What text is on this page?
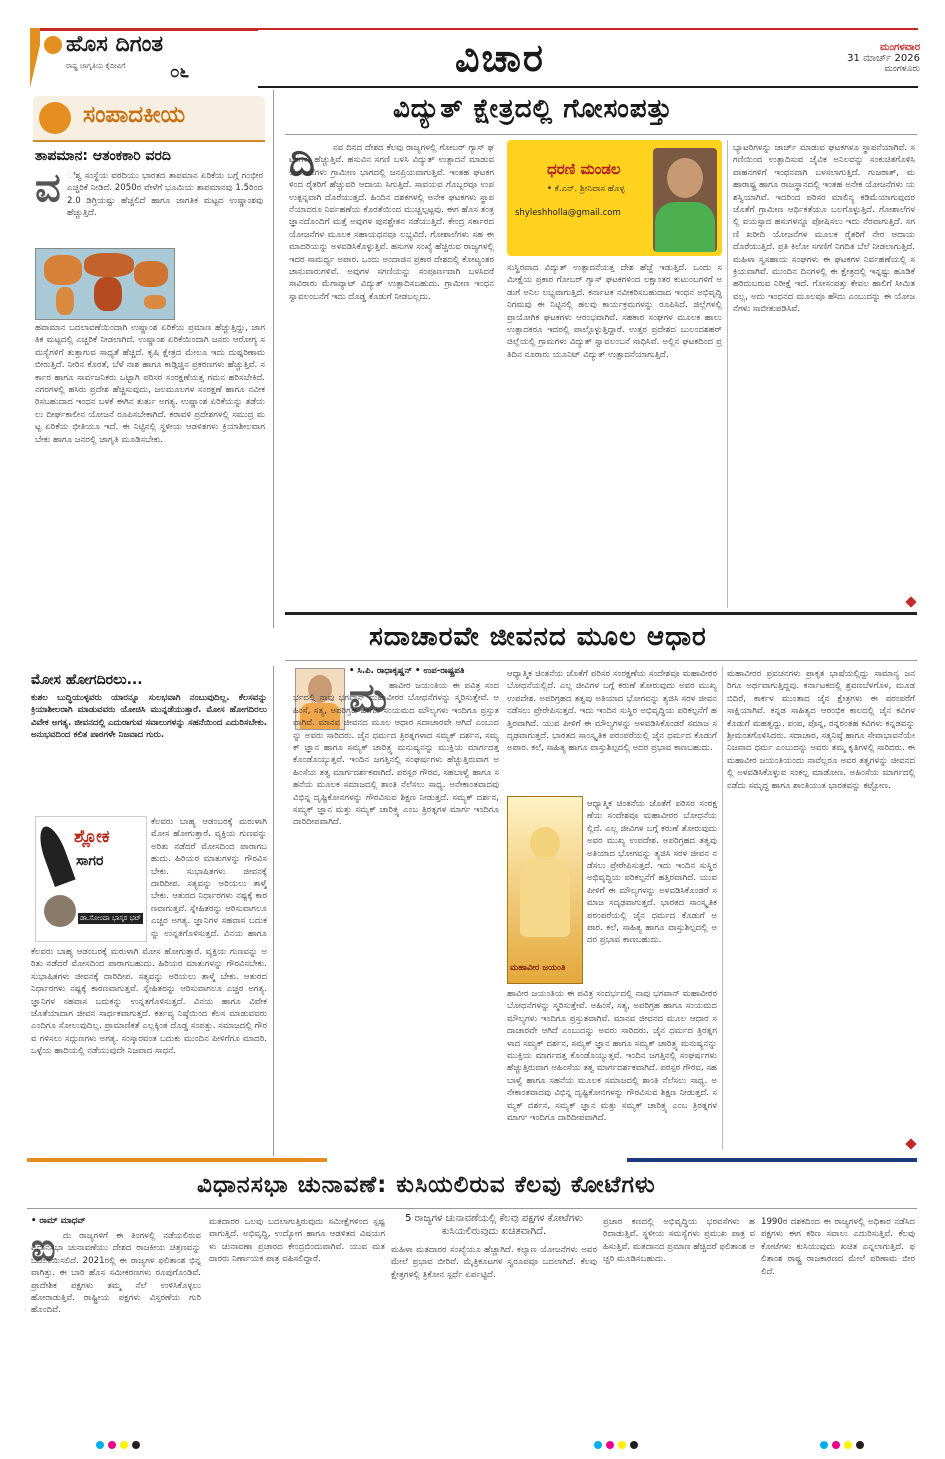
ಹೊಸ ದಿಗಂತ
ರಾಷ್ಟ್ರ ಜಾಗೃತಿಯ ಕೈದೀವಿಗೆ	೦೬	ವಿಚಾರ	ಮಂಗಳವಾರ
31 ಮಾರ್ಚ್ 2026
ಮಂಗಳೂರು
ಸಂಪಾದಕೀಯ
ತಾಪಮಾನ: ಆತಂಕಕಾರಿ ವರದಿ
ವ ಿಶ್ವ ಸಂಸ್ಥೆಯ ವರದಿಯು ಭಾರತದ ತಾಪಮಾನ ಏರಿಕೆಯ ಬಗ್ಗೆ ಗಂಭೀರ ಎಚ್ಚರಿಕೆ ನೀಡಿದೆ. 2050ರ ವೇಳೆಗೆ ಭೂಮಿಯ ತಾಪಮಾನವು 1.5ರಿಂದ 2.0 ಡಿಗ್ರಿಯಷ್ಟು ಹೆಚ್ಚಲಿದೆ ಹಾಗೂ ಜಾಗತಿಕ ಮಟ್ಟದ ಉಷ್ಣಾಂಶವು ಹೆಚ್ಚುತ್ತಿದೆ.
ಹವಾಮಾನ ಬದಲಾವಣೆಯಿಂದಾಗಿ ಉಷ್ಣಾಂಶ ಏರಿಕೆಯ ಪ್ರಮಾಣ ಹೆಚ್ಚುತ್ತಿದ್ದು, ಜಾಗತಿಕ ಮಟ್ಟದಲ್ಲಿ ಎಚ್ಚರಿಕೆ ನೀಡಲಾಗಿದೆ. ಉಷ್ಣಾಂಶ ಏರಿಕೆಯಿಂದಾಗಿ ಜನರು ಆರೋಗ್ಯ ಸಮಸ್ಯೆಗಳಿಗೆ ತುತ್ತಾಗುವ ಸಾಧ್ಯತೆ ಹೆಚ್ಚಿದೆ. ಕೃಷಿ ಕ್ಷೇತ್ರದ ಮೇಲೂ ಇದು ದುಷ್ಪರಿಣಾಮ ಬೀರುತ್ತಿದೆ. ನೀರಿನ ಕೊರತೆ, ಬೆಳೆ ನಾಶ ಹಾಗೂ ಕಾಡ್ಗಿಚ್ಚಿನ ಪ್ರಕರಣಗಳು ಹೆಚ್ಚುತ್ತಿವೆ. ಸರ್ಕಾರ ಹಾಗೂ ಸಾರ್ವಜನಿಕರು ಒಟ್ಟಾಗಿ ಪರಿಸರ ಸಂರಕ್ಷಣೆಯತ್ತ ಗಮನ ಹರಿಸಬೇಕಿದೆ. ನಗರಗಳಲ್ಲಿ ಹಸಿರು ಪ್ರದೇಶ ಹೆಚ್ಚಿಸುವುದು, ಜಲಮೂಲಗಳ ಸಂರಕ್ಷಣೆ ಹಾಗೂ ನವೀಕರಿಸಬಹುದಾದ ಇಂಧನ ಬಳಕೆ ಈಗಿನ ತುರ್ತು ಅಗತ್ಯ. ಉಷ್ಣಾಂಶ ಏರಿಕೆಯನ್ನು ತಡೆಯಲು ದೀರ್ಘಕಾಲೀನ ಯೋಜನೆ ರೂಪಿಸಬೇಕಾಗಿದೆ. ಕರಾವಳಿ ಪ್ರದೇಶಗಳಲ್ಲಿ ಸಮುದ್ರ ಮಟ್ಟ ಏರಿಕೆಯ ಭೀತಿಯೂ ಇದೆ. ಈ ನಿಟ್ಟಿನಲ್ಲಿ ಸ್ಥಳೀಯ ಆಡಳಿತಗಳು ಕ್ರಿಯಾಶೀಲವಾಗಬೇಕು ಹಾಗೂ ಜನರಲ್ಲಿ ಜಾಗೃತಿ ಮೂಡಿಸಬೇಕು.
ವಿದ್ಯುತ್ ಕ್ಷೇತ್ರದಲ್ಲಿ ಗೋಸಂಪತ್ತು
ದಿ	ನವ ದಿನದ ದೇಶದ ಕೆಲವು ರಾಜ್ಯಗಳಲ್ಲಿ ಗೋಬರ್ ಗ್ಯಾಸ್ ಘಟಕಗಳು ಹೆಚ್ಚುತ್ತಿವೆ. ಹಸುವಿನ ಸಗಣಿ ಬಳಸಿ ವಿದ್ಯುತ್ ಉತ್ಪಾದನೆ ಮಾಡುವ ಯೋಜನೆಗಳು ಗ್ರಾಮೀಣ ಭಾಗದಲ್ಲಿ ಜನಪ್ರಿಯವಾಗುತ್ತಿವೆ. ಇಂತಹ ಘಟಕಗಳಿಂದ ರೈತರಿಗೆ ಹೆಚ್ಚುವರಿ ಆದಾಯ ಸಿಗುತ್ತಿದೆ. ಸಾವಯವ ಗೊಬ್ಬರವೂ ಉಪ ಉತ್ಪನ್ನವಾಗಿ ದೊರೆಯುತ್ತದೆ. ಹಿಂದಿನ ದಶಕಗಳಲ್ಲಿ ಅನೇಕ ಘಟಕಗಳು ಸ್ಥಾಪನೆಯಾದರೂ ನಿರ್ವಹಣೆಯ ಕೊರತೆಯಿಂದ ಮುಚ್ಚಲ್ಪಟ್ಟವು. ಈಗ ಹೊಸ ತಂತ್ರಜ್ಞಾನದೊಂದಿಗೆ ಮತ್ತೆ ಅವುಗಳ ಪುನಶ್ಚೇತನ ನಡೆಯುತ್ತಿದೆ. ಕೇಂದ್ರ ಸರ್ಕಾರದ ಯೋಜನೆಗಳ ಮೂಲಕ ಸಹಾಯಧನವೂ ಲಭ್ಯವಿದೆ. ಗೋಶಾಲೆಗಳು ಸಹ ಈ ಮಾದರಿಯನ್ನು ಅಳವಡಿಸಿಕೊಳ್ಳುತ್ತಿವೆ. ಹಸುಗಳ ಸಂಖ್ಯೆ ಹೆಚ್ಚಿರುವ ರಾಜ್ಯಗಳಲ್ಲಿ ಇದರ ಸಾಮರ್ಥ್ಯ ಅಪಾರ. ಒಂದು ಅಂದಾಜಿನ ಪ್ರಕಾರ ದೇಶದಲ್ಲಿ ಕೋಟ್ಯಂತರ ಜಾನುವಾರುಗಳಿವೆ. ಅವುಗಳ ಸಗಣಿಯನ್ನು ಸಂಪೂರ್ಣವಾಗಿ ಬಳಸಿದರೆ ಸಾವಿರಾರು ಮೆಗಾವ್ಯಾಟ್ ವಿದ್ಯುತ್ ಉತ್ಪಾದಿಸಬಹುದು. ಗ್ರಾಮೀಣ ಇಂಧನ ಸ್ವಾವಲಂಬನೆಗೆ ಇದು ದೊಡ್ಡ ಕೊಡುಗೆ ನೀಡಬಲ್ಲದು.
ಧರಣಿ ಮಂಡಲ
• ಕೆ.ಎನ್. ಶ್ರೀನಿವಾಸ ಹೊಳ್ಳ
shyleshholla@gmail.com
ಸುಸ್ಥಿರವಾದ ವಿದ್ಯುತ್ ಉತ್ಪಾದನೆಯತ್ತ ದೇಶ ಹೆಜ್ಜೆ ಇಡುತ್ತಿದೆ. ಒಂದು ಸಮೀಕ್ಷೆಯ ಪ್ರಕಾರ ಗೋಬರ್ ಗ್ಯಾಸ್ ಘಟಕಗಳಿಂದ ಲಕ್ಷಾಂತರ ಕುಟುಂಬಗಳಿಗೆ ಅಡುಗೆ ಅನಿಲ ಲಭ್ಯವಾಗುತ್ತಿದೆ. ಕರ್ನಾಟಕ ನವೀಕರಿಸಬಹುದಾದ ಇಂಧನ ಅಭಿವೃದ್ಧಿ ನಿಗಮವು ಈ ನಿಟ್ಟಿನಲ್ಲಿ ಹಲವು ಕಾರ್ಯಕ್ರಮಗಳನ್ನು ರೂಪಿಸಿದೆ. ಜಿಲ್ಲೆಗಳಲ್ಲಿ ಪ್ರಾಯೋಗಿಕ ಘಟಕಗಳು ಆರಂಭವಾಗಿವೆ. ಸಹಕಾರ ಸಂಘಗಳ ಮೂಲಕ ಹಾಲು ಉತ್ಪಾದಕರೂ ಇದರಲ್ಲಿ ಪಾಲ್ಗೊಳ್ಳುತ್ತಿದ್ದಾರೆ. ಉತ್ತರ ಪ್ರದೇಶದ ಬುಲಂದಶಹರ್ ಜಿಲ್ಲೆಯಲ್ಲಿ ಗ್ರಾಮಗಳು ವಿದ್ಯುತ್ ಸ್ವಾವಲಂಬನೆ ಸಾಧಿಸಿವೆ. ಅಲ್ಲಿನ ಘಟಕದಿಂದ ಪ್ರತಿದಿನ ನೂರಾರು ಯೂನಿಟ್ ವಿದ್ಯುತ್ ಉತ್ಪಾದನೆಯಾಗುತ್ತಿದೆ.
ಬ್ಯಾಟರಿಗಳನ್ನು ಚಾರ್ಜ್ ಮಾಡುವ ಘಟಕಗಳೂ ಸ್ಥಾಪನೆಯಾಗಿವೆ. ಸಗಣಿಯಿಂದ ಉತ್ಪಾದಿಸುವ ಜೈವಿಕ ಅನಿಲವನ್ನು ಸಂಕುಚಿತಗೊಳಿಸಿ ವಾಹನಗಳಿಗೆ ಇಂಧನವಾಗಿ ಬಳಸಲಾಗುತ್ತಿದೆ. ಗುಜರಾತ್, ಮಹಾರಾಷ್ಟ್ರ ಹಾಗೂ ರಾಜಸ್ಥಾನದಲ್ಲಿ ಇಂತಹ ಅನೇಕ ಯೋಜನೆಗಳು ಯಶಸ್ವಿಯಾಗಿವೆ. ಇದರಿಂದ ಪರಿಸರ ಮಾಲಿನ್ಯ ಕಡಿಮೆಯಾಗುವುದರ ಜೊತೆಗೆ ಗ್ರಾಮೀಣ ಆರ್ಥಿಕತೆಯೂ ಬಲಗೊಳ್ಳುತ್ತಿದೆ. ಗೋಶಾಲೆಗಳಲ್ಲಿ ವಯಸ್ಸಾದ ಹಸುಗಳನ್ನೂ ಪೋಷಿಸಲು ಇದು ನೆರವಾಗುತ್ತಿದೆ. ಸಗಣಿ ಖರೀದಿ ಯೋಜನೆಗಳ ಮೂಲಕ ರೈತರಿಗೆ ನೇರ ಆದಾಯ ದೊರೆಯುತ್ತಿದೆ. ಪ್ರತಿ ಕಿಲೋ ಸಗಣಿಗೆ ನಿಗದಿತ ಬೆಲೆ ನೀಡಲಾಗುತ್ತಿದೆ. ಮಹಿಳಾ ಸ್ವಸಹಾಯ ಸಂಘಗಳು ಈ ಘಟಕಗಳ ನಿರ್ವಹಣೆಯಲ್ಲಿ ಸಕ್ರಿಯವಾಗಿವೆ. ಮುಂದಿನ ದಿನಗಳಲ್ಲಿ ಈ ಕ್ಷೇತ್ರದಲ್ಲಿ ಇನ್ನಷ್ಟು ಹೂಡಿಕೆ ಹರಿದುಬರುವ ನಿರೀಕ್ಷೆ ಇದೆ. ಗೋಸಂಪತ್ತು ಕೇವಲ ಹಾಲಿಗೆ ಸೀಮಿತವಲ್ಲ, ಅದು ಇಂಧನದ ಮೂಲವೂ ಹೌದು ಎಂಬುದನ್ನು ಈ ಯೋಜನೆಗಳು ಸಾಬೀತುಪಡಿಸಿವೆ.
ಸದಾಚಾರವೇ ಜೀವನದ ಮೂಲ ಆಧಾರ
• ಸಿ.ಪಿ. ರಾಧಾಕೃಷ್ಣನ್ • ಉಪ-ರಾಷ್ಟ್ರಪತಿ
ಮ ಹಾವೀರ ಜಯಂತಿಯ ಈ ಪವಿತ್ರ ಸಂದರ್ಭದಲ್ಲಿ ನಾವು ಭಗವಾನ್ ಮಹಾವೀರರ ಬೋಧನೆಗಳನ್ನು ಸ್ಮರಿಸುತ್ತೇವೆ. ಅಹಿಂಸೆ, ಸತ್ಯ, ಅಪರಿಗ್ರಹ ಹಾಗೂ ಸಂಯಮದ ಮೌಲ್ಯಗಳು ಇಂದಿಗೂ ಪ್ರಸ್ತುತವಾಗಿವೆ. ಮಾನವ ಜೀವನದ ಮೂಲ ಆಧಾರ ಸದಾಚಾರವೇ ಆಗಿದೆ ಎಂಬುದನ್ನು ಅವರು ಸಾರಿದರು. ಜೈನ ಧರ್ಮದ ತ್ರಿರತ್ನಗಳಾದ ಸಮ್ಯಕ್ ದರ್ಶನ, ಸಮ್ಯಕ್ ಜ್ಞಾನ ಹಾಗೂ ಸಮ್ಯಕ್ ಚಾರಿತ್ರ್ಯ ಮನುಷ್ಯನನ್ನು ಮುಕ್ತಿಯ ಮಾರ್ಗದತ್ತ ಕೊಂಡೊಯ್ಯುತ್ತವೆ. ಇಂದಿನ ಜಗತ್ತಿನಲ್ಲಿ ಸಂಘರ್ಷಗಳು ಹೆಚ್ಚುತ್ತಿರುವಾಗ ಅಹಿಂಸೆಯ ತತ್ವ ಮಾರ್ಗದರ್ಶಕವಾಗಿದೆ. ಪರಸ್ಪರ ಗೌರವ, ಸಹಬಾಳ್ವೆ ಹಾಗೂ ಸಹನೆಯ ಮೂಲಕ ಸಮಾಜದಲ್ಲಿ ಶಾಂತಿ ನೆಲೆಸಲು ಸಾಧ್ಯ. ಅನೇಕಾಂತವಾದವು ವಿಭಿನ್ನ ದೃಷ್ಟಿಕೋನಗಳನ್ನು ಗೌರವಿಸುವ ಶಿಕ್ಷಣ ನೀಡುತ್ತದೆ. ಸಮ್ಯಕ್ ದರ್ಶನ, ಸಮ್ಯಕ್ ಜ್ಞಾನ ಮತ್ತು ಸಮ್ಯಕ್ ಚಾರಿತ್ರ್ಯ ಎಂಬ ತ್ರಿರತ್ನಗಳ ಮಾರ್ಗ ಇಂದಿಗೂ ದಾರಿದೀಪವಾಗಿದೆ.
ಮಹಾವೀರ ಜಯಂತಿ
ಆಧ್ಯಾತ್ಮಿಕ ಚಿಂತನೆಯ ಜೊತೆಗೆ ಪರಿಸರ ಸಂರಕ್ಷಣೆಯ ಸಂದೇಶವೂ ಮಹಾವೀರರ ಬೋಧನೆಯಲ್ಲಿದೆ. ಎಲ್ಲ ಜೀವಿಗಳ ಬಗ್ಗೆ ಕರುಣೆ ತೋರುವುದು ಅವರ ಮುಖ್ಯ ಉಪದೇಶ. ಅಪರಿಗ್ರಹದ ತತ್ವವು ಅತಿಯಾದ ಭೋಗವನ್ನು ತ್ಯಜಿಸಿ ಸರಳ ಜೀವನ ನಡೆಸಲು ಪ್ರೇರೇಪಿಸುತ್ತದೆ. ಇದು ಇಂದಿನ ಸುಸ್ಥಿರ ಅಭಿವೃದ್ಧಿಯ ಪರಿಕಲ್ಪನೆಗೆ ಹತ್ತಿರವಾಗಿದೆ. ಯುವ ಪೀಳಿಗೆ ಈ ಮೌಲ್ಯಗಳನ್ನು ಅಳವಡಿಸಿಕೊಂಡರೆ ಸಮಾಜ ಸದೃಢವಾಗುತ್ತದೆ. ಭಾರತದ ಸಾಂಸ್ಕೃತಿಕ ಪರಂಪರೆಯಲ್ಲಿ ಜೈನ ಧರ್ಮದ ಕೊಡುಗೆ ಅಪಾರ. ಕಲೆ, ಸಾಹಿತ್ಯ ಹಾಗೂ ವಾಸ್ತುಶಿಲ್ಪದಲ್ಲಿ ಅದರ ಪ್ರಭಾವ ಕಾಣಬಹುದು.
ಆಧ್ಯಾತ್ಮಿಕ ಚಿಂತನೆಯ ಜೊತೆಗೆ ಪರಿಸರ ಸಂರಕ್ಷಣೆಯ ಸಂದೇಶವೂ ಮಹಾವೀರರ ಬೋಧನೆಯಲ್ಲಿದೆ. ಎಲ್ಲ ಜೀವಿಗಳ ಬಗ್ಗೆ ಕರುಣೆ ತೋರುವುದು ಅವರ ಮುಖ್ಯ ಉಪದೇಶ. ಅಪರಿಗ್ರಹದ ತತ್ವವು ಅತಿಯಾದ ಭೋಗವನ್ನು ತ್ಯಜಿಸಿ ಸರಳ ಜೀವನ ನಡೆಸಲು ಪ್ರೇರೇಪಿಸುತ್ತದೆ. ಇದು ಇಂದಿನ ಸುಸ್ಥಿರ ಅಭಿವೃದ್ಧಿಯ ಪರಿಕಲ್ಪನೆಗೆ ಹತ್ತಿರವಾಗಿದೆ. ಯುವ ಪೀಳಿಗೆ ಈ ಮೌಲ್ಯಗಳನ್ನು ಅಳವಡಿಸಿಕೊಂಡರೆ ಸಮಾಜ ಸದೃಢವಾಗುತ್ತದೆ. ಭಾರತದ ಸಾಂಸ್ಕೃತಿಕ ಪರಂಪರೆಯಲ್ಲಿ ಜೈನ ಧರ್ಮದ ಕೊಡುಗೆ ಅಪಾರ. ಕಲೆ, ಸಾಹಿತ್ಯ ಹಾಗೂ ವಾಸ್ತುಶಿಲ್ಪದಲ್ಲಿ ಅದರ ಪ್ರಭಾವ ಕಾಣಬಹುದು.
ಹಾವೀರ ಜಯಂತಿಯ ಈ ಪವಿತ್ರ ಸಂದರ್ಭದಲ್ಲಿ ನಾವು ಭಗವಾನ್ ಮಹಾವೀರರ ಬೋಧನೆಗಳನ್ನು ಸ್ಮರಿಸುತ್ತೇವೆ. ಅಹಿಂಸೆ, ಸತ್ಯ, ಅಪರಿಗ್ರಹ ಹಾಗೂ ಸಂಯಮದ ಮೌಲ್ಯಗಳು ಇಂದಿಗೂ ಪ್ರಸ್ತುತವಾಗಿವೆ. ಮಾನವ ಜೀವನದ ಮೂಲ ಆಧಾರ ಸದಾಚಾರವೇ ಆಗಿದೆ ಎಂಬುದನ್ನು ಅವರು ಸಾರಿದರು. ಜೈನ ಧರ್ಮದ ತ್ರಿರತ್ನಗಳಾದ ಸಮ್ಯಕ್ ದರ್ಶನ, ಸಮ್ಯಕ್ ಜ್ಞಾನ ಹಾಗೂ ಸಮ್ಯಕ್ ಚಾರಿತ್ರ್ಯ ಮನುಷ್ಯನನ್ನು ಮುಕ್ತಿಯ ಮಾರ್ಗದತ್ತ ಕೊಂಡೊಯ್ಯುತ್ತವೆ. ಇಂದಿನ ಜಗತ್ತಿನಲ್ಲಿ ಸಂಘರ್ಷಗಳು ಹೆಚ್ಚುತ್ತಿರುವಾಗ ಅಹಿಂಸೆಯ ತತ್ವ ಮಾರ್ಗದರ್ಶಕವಾಗಿದೆ. ಪರಸ್ಪರ ಗೌರವ, ಸಹಬಾಳ್ವೆ ಹಾಗೂ ಸಹನೆಯ ಮೂಲಕ ಸಮಾಜದಲ್ಲಿ ಶಾಂತಿ ನೆಲೆಸಲು ಸಾಧ್ಯ. ಅನೇಕಾಂತವಾದವು ವಿಭಿನ್ನ ದೃಷ್ಟಿಕೋನಗಳನ್ನು ಗೌರವಿಸುವ ಶಿಕ್ಷಣ ನೀಡುತ್ತದೆ. ಸಮ್ಯಕ್ ದರ್ಶನ, ಸಮ್ಯಕ್ ಜ್ಞಾನ ಮತ್ತು ಸಮ್ಯಕ್ ಚಾರಿತ್ರ್ಯ ಎಂಬ ತ್ರಿರತ್ನಗಳ ಮಾರ್ಗ ಇಂದಿಗೂ ದಾರಿದೀಪವಾಗಿದೆ.
ಮಹಾವೀರರ ಪ್ರವಚನಗಳು ಪ್ರಾಕೃತ ಭಾಷೆಯಲ್ಲಿದ್ದು ಸಾಮಾನ್ಯ ಜನರಿಗೂ ಅರ್ಥವಾಗುತ್ತಿದ್ದವು. ಕರ್ನಾಟಕದಲ್ಲಿ ಶ್ರವಣಬೆಳಗೊಳ, ಮೂಡಬಿದಿರೆ, ಕಾರ್ಕಳ ಮುಂತಾದ ಜೈನ ಕ್ಷೇತ್ರಗಳು ಈ ಪರಂಪರೆಗೆ ಸಾಕ್ಷಿಯಾಗಿವೆ. ಕನ್ನಡ ಸಾಹಿತ್ಯದ ಆರಂಭಿಕ ಕಾಲದಲ್ಲಿ ಜೈನ ಕವಿಗಳ ಕೊಡುಗೆ ಮಹತ್ವದ್ದು. ಪಂಪ, ಪೊನ್ನ, ರನ್ನರಂತಹ ಕವಿಗಳು ಕನ್ನಡವನ್ನು ಶ್ರೀಮಂತಗೊಳಿಸಿದರು. ಸದಾಚಾರ, ಸತ್ಯನಿಷ್ಠೆ ಹಾಗೂ ಸೇವಾಭಾವನೆಯೇ ನಿಜವಾದ ಧರ್ಮ ಎಂಬುದನ್ನು ಅವರು ತಮ್ಮ ಕೃತಿಗಳಲ್ಲಿ ಸಾರಿದರು. ಈ ಮಹಾವೀರ ಜಯಂತಿಯಂದು ನಾವೆಲ್ಲರೂ ಅವರ ತತ್ವಗಳನ್ನು ಜೀವನದಲ್ಲಿ ಅಳವಡಿಸಿಕೊಳ್ಳುವ ಸಂಕಲ್ಪ ಮಾಡೋಣ. ಅಹಿಂಸೆಯ ಮಾರ್ಗದಲ್ಲಿ ನಡೆದು ಸಮೃದ್ಧ ಹಾಗೂ ಶಾಂತಿಯುತ ಭಾರತವನ್ನು ಕಟ್ಟೋಣ.
ಮೋಸ ಹೋಗದಿರಲು...
ಕುಶಲ ಬುದ್ಧಿಯುಳ್ಳವರು ಯಾರನ್ನೂ ಸುಲಭವಾಗಿ ನಂಬುವುದಿಲ್ಲ. ಕೆಲಸವನ್ನು ಕ್ರಿಯಾಶೀಲರಾಗಿ ಮಾಡುವವರು ಯೋಚಿಸಿ ಮುನ್ನಡೆಯುತ್ತಾರೆ. ಮೋಸ ಹೋಗದಿರಲು ವಿವೇಕ ಅಗತ್ಯ. ಜೀವನದಲ್ಲಿ ಎದುರಾಗುವ ಸವಾಲುಗಳನ್ನು ಸಹನೆಯಿಂದ ಎದುರಿಸಬೇಕು. ಅನುಭವದಿಂದ ಕಲಿತ ಪಾಠಗಳೇ ನಿಜವಾದ ಗುರು.
ಶ್ಲೋಕ
ಸಾಗರ
ಡಾ.ಸೋಂದಾ ಭಾಸ್ಕರ ಭಟ್
ಕೆಲವರು ಬಾಹ್ಯ ಆಡಂಬರಕ್ಕೆ ಮರುಳಾಗಿ ಮೋಸ ಹೋಗುತ್ತಾರೆ. ವ್ಯಕ್ತಿಯ ಗುಣವನ್ನು ಅರಿತು ನಡೆದರೆ ಮೋಸದಿಂದ ಪಾರಾಗಬಹುದು. ಹಿರಿಯರ ಮಾತುಗಳನ್ನು ಗೌರವಿಸಬೇಕು. ಸುಭಾಷಿತಗಳು ಜೀವನಕ್ಕೆ ದಾರಿದೀಪ. ಸತ್ಯವನ್ನು ಅರಿಯಲು ತಾಳ್ಮೆ ಬೇಕು. ಆತುರದ ನಿರ್ಧಾರಗಳು ನಷ್ಟಕ್ಕೆ ಕಾರಣವಾಗುತ್ತವೆ. ಸ್ನೇಹಿತರನ್ನು ಆರಿಸುವಾಗಲೂ ಎಚ್ಚರ ಅಗತ್ಯ. ಜ್ಞಾನಿಗಳ ಸಹವಾಸ ಬದುಕನ್ನು ಉನ್ನತಗೊಳಿಸುತ್ತದೆ. ವಿನಯ ಹಾಗೂ
ಕೆಲವರು ಬಾಹ್ಯ ಆಡಂಬರಕ್ಕೆ ಮರುಳಾಗಿ ಮೋಸ ಹೋಗುತ್ತಾರೆ. ವ್ಯಕ್ತಿಯ ಗುಣವನ್ನು ಅರಿತು ನಡೆದರೆ ಮೋಸದಿಂದ ಪಾರಾಗಬಹುದು. ಹಿರಿಯರ ಮಾತುಗಳನ್ನು ಗೌರವಿಸಬೇಕು. ಸುಭಾಷಿತಗಳು ಜೀವನಕ್ಕೆ ದಾರಿದೀಪ. ಸತ್ಯವನ್ನು ಅರಿಯಲು ತಾಳ್ಮೆ ಬೇಕು. ಆತುರದ ನಿರ್ಧಾರಗಳು ನಷ್ಟಕ್ಕೆ ಕಾರಣವಾಗುತ್ತವೆ. ಸ್ನೇಹಿತರನ್ನು ಆರಿಸುವಾಗಲೂ ಎಚ್ಚರ ಅಗತ್ಯ. ಜ್ಞಾನಿಗಳ ಸಹವಾಸ ಬದುಕನ್ನು ಉನ್ನತಗೊಳಿಸುತ್ತದೆ. ವಿನಯ ಹಾಗೂ ವಿವೇಕ ಜೊತೆಯಾದಾಗ ಜೀವನ ಸಾರ್ಥಕವಾಗುತ್ತದೆ. ಕರ್ತವ್ಯ ನಿಷ್ಠೆಯಿಂದ ಕೆಲಸ ಮಾಡುವವರು ಎಂದಿಗೂ ಸೋಲುವುದಿಲ್ಲ. ಪ್ರಾಮಾಣಿಕತೆ ಎಲ್ಲಕ್ಕಿಂತ ದೊಡ್ಡ ಸಂಪತ್ತು. ಸಮಾಜದಲ್ಲಿ ಗೌರವ ಗಳಿಸಲು ಸದ್ಗುಣಗಳು ಅಗತ್ಯ. ಸಂಸ್ಕಾರವಂತ ಬದುಕು ಮುಂದಿನ ಪೀಳಿಗೆಗೂ ಮಾದರಿ. ಒಳ್ಳೆಯ ಹಾದಿಯಲ್ಲಿ ನಡೆಯುವುದೇ ನಿಜವಾದ ಸಾಧನೆ.
ವಿಧಾನಸಭಾ ಚುನಾವಣೆ: ಕುಸಿಯಲಿರುವ ಕೆಲವು ಕೋಟೆಗಳು
• ರಾಮ್ ಮಾಧವ್
ಐ ದು ರಾಜ್ಯಗಳಿಗೆ ಈ ತಿಂಗಳಲ್ಲಿ ನಡೆಯಲಿರುವ ವಿಧಾನಸಭಾ ಚುನಾವಣೆಯು ದೇಶದ ರಾಜಕೀಯ ಚಿತ್ರಣವನ್ನು ಬದಲಾಯಿಸಲಿದೆ. 2021ರಲ್ಲಿ ಈ ರಾಜ್ಯಗಳ ಫಲಿತಾಂಶ ಭಿನ್ನವಾಗಿತ್ತು. ಈ ಬಾರಿ ಹೊಸ ಸಮೀಕರಣಗಳು ರೂಪುಗೊಂಡಿವೆ. ಪ್ರಾದೇಶಿಕ ಪಕ್ಷಗಳು ತಮ್ಮ ನೆಲೆ ಉಳಿಸಿಕೊಳ್ಳಲು ಹೋರಾಡುತ್ತಿವೆ. ರಾಷ್ಟ್ರೀಯ ಪಕ್ಷಗಳು ವಿಸ್ತರಣೆಯ ಗುರಿ ಹೊಂದಿವೆ.
ಮತದಾರರ ಒಲವು ಬದಲಾಗುತ್ತಿರುವುದು ಸಮೀಕ್ಷೆಗಳಿಂದ ಸ್ಪಷ್ಟವಾಗುತ್ತಿದೆ. ಅಭಿವೃದ್ಧಿ, ಉದ್ಯೋಗ ಹಾಗೂ ಆಡಳಿತದ ವಿಷಯಗಳು ಚುನಾವಣಾ ಪ್ರಚಾರದ ಕೇಂದ್ರಬಿಂದುವಾಗಿವೆ. ಯುವ ಮತದಾರರು ನಿರ್ಣಾಯಕ ಪಾತ್ರ ವಹಿಸಲಿದ್ದಾರೆ.
5 ರಾಜ್ಯಗಳ ಚುನಾವಣೆಯಲ್ಲಿ ಕೆಲವು ಪಕ್ಷಗಳ ಕೋಟೆಗಳು ಕುಸಿಯಲಿರುವುದು ಖಚಿತವಾಗಿದೆ.
ಮಹಿಳಾ ಮತದಾರರ ಸಂಖ್ಯೆಯೂ ಹೆಚ್ಚಾಗಿದೆ. ಕಲ್ಯಾಣ ಯೋಜನೆಗಳು ಅವರ ಮೇಲೆ ಪ್ರಭಾವ ಬೀರಿವೆ. ಮೈತ್ರಿಕೂಟಗಳ ಸ್ವರೂಪವೂ ಬದಲಾಗಿದೆ. ಕೆಲವು ಕ್ಷೇತ್ರಗಳಲ್ಲಿ ತ್ರಿಕೋನ ಸ್ಪರ್ಧೆ ಏರ್ಪಟ್ಟಿದೆ.
ಪ್ರಚಾರ ಕಣದಲ್ಲಿ ಅಭಿವೃದ್ಧಿಯ ಭರವಸೆಗಳು ಹರಿದಾಡುತ್ತಿವೆ. ಸ್ಥಳೀಯ ಸಮಸ್ಯೆಗಳು ಪ್ರಮುಖ ಪಾತ್ರ ವಹಿಸುತ್ತಿವೆ. ಮತದಾನದ ಪ್ರಮಾಣ ಹೆಚ್ಚಿದರೆ ಫಲಿತಾಂಶ ಅಚ್ಚರಿ ಮೂಡಿಸಬಹುದು.
1990ರ ದಶಕದಿಂದ ಈ ರಾಜ್ಯಗಳಲ್ಲಿ ಅಧಿಕಾರ ನಡೆಸಿದ ಪಕ್ಷಗಳು ಈಗ ಕಠಿಣ ಸವಾಲು ಎದುರಿಸುತ್ತಿವೆ. ಕೆಲವು ಕೋಟೆಗಳು ಕುಸಿಯುವುದು ಖಚಿತ ಎನ್ನಲಾಗುತ್ತಿದೆ. ಫಲಿತಾಂಶ ರಾಷ್ಟ್ರ ರಾಜಕಾರಣದ ಮೇಲೆ ಪರಿಣಾಮ ಬೀರಲಿದೆ.
